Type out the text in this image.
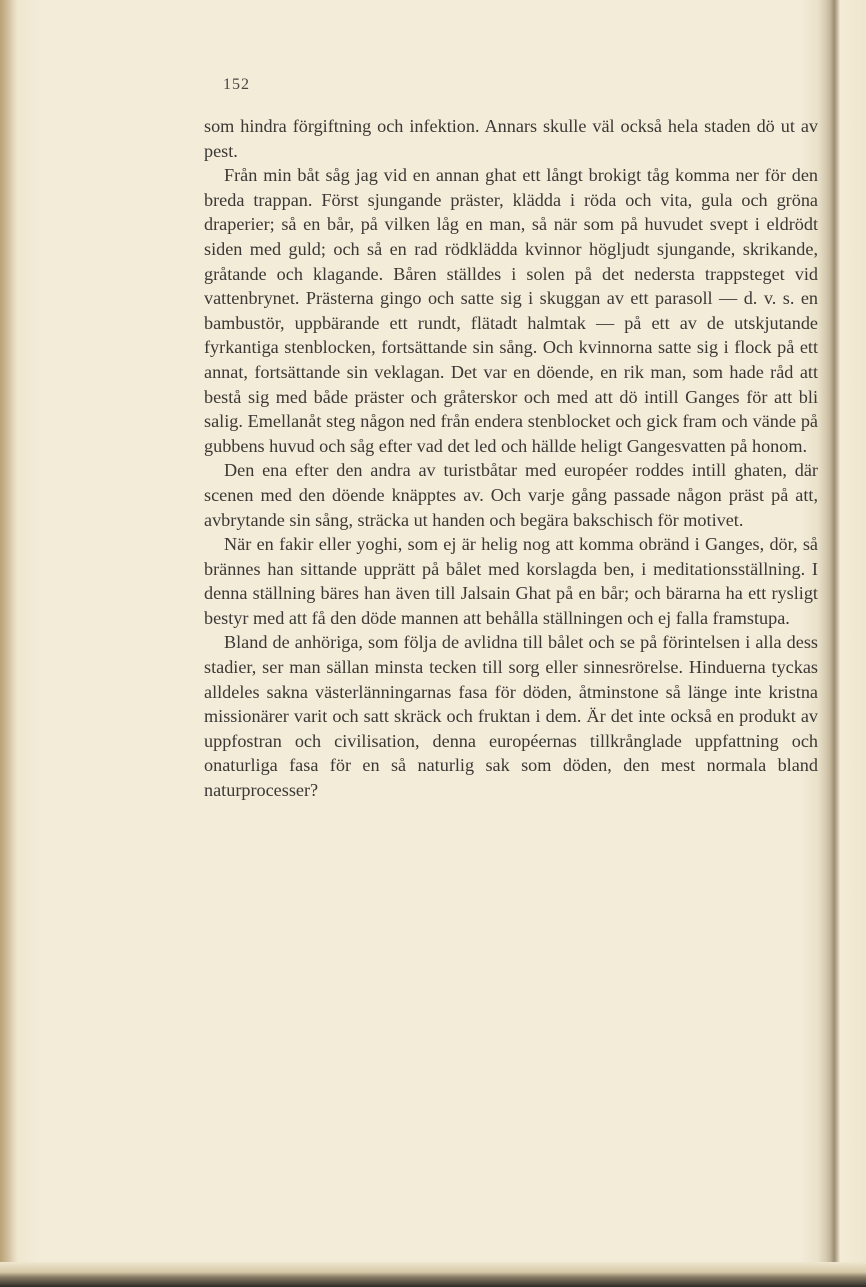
152

som hindra förgiftning och infektion. Annars skulle väl också hela staden dö ut av pest.

Från min båt såg jag vid en annan ghat ett långt brokigt tåg komma ner för den breda trappan. Först sjungande präster, klädda i röda och vita, gula och gröna draperier; så en bår, på vilken låg en man, så när som på huvudet svept i eldrödt siden med guld; och så en rad rödklädda kvinnor högljudt sjungande, skrikande, gråtande och klagande. Båren ställdes i solen på det nedersta trappsteget vid vattenbrynet. Prästerna gingo och satte sig i skuggan av ett parasoll — d. v. s. en bambustör, uppbärande ett rundt, flätadt halmtak — på ett av de utskjutande fyrkantiga stenblocken, fortsättande sin sång. Och kvinnorna satte sig i flock på ett annat, fortsättande sin veklagan. Det var en döende, en rik man, som hade råd att bestå sig med både präster och gråterskor och med att dö intill Ganges för att bli salig. Emellanåt steg någon ned från endera stenblocket och gick fram och vände på gubbens huvud och såg efter vad det led och hällde heligt Gangesvatten på honom.

Den ena efter den andra av turistbåtar med européer roddes intill ghaten, där scenen med den döende knäpptes av. Och varje gång passade någon präst på att, avbrytande sin sång, sträcka ut handen och begära bakschisch för motivet.

När en fakir eller yoghi, som ej är helig nog att komma obränd i Ganges, dör, så brännes han sittande upprätt på bålet med korslagda ben, i meditationsställning. I denna ställning bäres han även till Jalsain Ghat på en bår; och bärarna ha ett rysligt bestyr med att få den döde mannen att behålla ställningen och ej falla framstupa.

Bland de anhöriga, som följa de avlidna till bålet och se på förintelsen i alla dess stadier, ser man sällan minsta tecken till sorg eller sinnesrörelse. Hinduerna tyckas alldeles sakna västerlänningarnas fasa för döden, åtminstone så länge inte kristna missionärer varit och satt skräck och fruktan i dem. Är det inte också en produkt av uppfostran och civilisation, denna européernas tillkrånglade uppfattning och onaturliga fasa för en så naturlig sak som döden, den mest normala bland naturprocesser?
